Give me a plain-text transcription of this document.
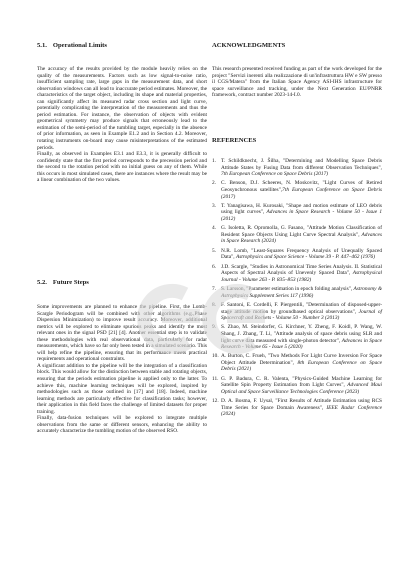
5.1. Operational Limits

The accuracy of the results provided by the module heavily relies on the quality of the measurements. Factors such as low signal-to-noise ratio, insufficient sampling rate, large gaps in the measurement data, and short observation windows can all lead to inaccurate period estimates. Moreover, the characteristics of the target object, including its shape and material properties, can significantly affect its measured radar cross section and light curve, potentially complicating the interpretation of the measurements and thus the period estimation. For instance, the observation of objects with evident geometrical symmetry may produce signals that erroneously lead to the estimation of the semi-period of the tumbling target, especially in the absence of prior information, as seen in Example E1.2 and in Section 4.2. Moreover, rotating instruments on-board may cause misinterpretations of the estimated periods.

Finally, as observed in Examples E3.1 and E3.3, it is generally difficult to confidently state that the first period corresponds to the precession period and the second to the rotation period with no initial guess on any of them. While this occurs in most simulated cases, there are instances where the result may be a linear combination of the two values.

5.2. Future Steps

Some improvements are planned to enhance the pipeline. First, the Lomb-Scargle Periodogram will be combined with other algorithms (e.g.,Phase Dispersion Minimization) to improve result accuracy. Moreover, additional metrics will be explored to eliminate spurious peaks and identify the most relevant ones in the signal PSD [21] [4]. Another essential step is to validate these methodologies with real observational data, particularly for radar measurements, which have so far only been tested in a simulated scenario. This will help refine the pipeline, ensuring that its performance meets practical requirements and operational constraints.

A significant addition to the pipeline will be the integration of a classification block. This would allow for the distinction between stable and rotating objects, ensuring that the periods estimation pipeline is applied only to the latter. To achieve this, machine learning techniques will be explored, inspired by methodologies such as those outlined in [17] and [18]. Indeed, machine learning methods are particularly effective for classification tasks; however, their application in this field faces the challenge of limited datasets for proper training.

Finally, data-fusion techniques will be explored to integrate multiple observations from the same or different sensors, enhancing the ability to accurately characterize the tumbling motion of the observed RSO.

ACKNOWLEDGMENTS

This research presented received funding as part of the work developed for the project "Servizi inerenti alla realizzazione di un'infrastruttura HW e SW presso il CGS/Matera" from the Italian Space Agency ASI-IHS infrastructure for space surveillance and tracking, under the Next Generation EU/PNRR framework, contract number 2023-14-I.0.

REFERENCES
1. T. Schildknecht, J. Šilha, "Determining and Modelling Space Debris Attitude States by Fusing Data from different Observation Techniques", 7th European Conference on Space Debris (2017)
2. C. Benson, D.J. Scheeres, N. Moskovitz, "Light Curves of Retired Geosynchronous satellites",7th European Conference on Space Debris (2017)
3. T. Yanagisawa, H. Kurosaki, "Shape and motion estimate of LEO debris using light curves", Advances in Space Research - Volume 50 - Issue 1 (2012)
4. G. Isoletta, R. Opromolla, G. Fasano, "Attitude Motion Classification of Resident Space Objects Using Light Curve Spectral Analysis", Advances in Space Research (2024)
5. N.R. Lomb, "Least-Squares Frequency Analysis of Unequally Spaced Data", Astrophysics and Space Science - Volume 39 - P. 447–462 (1976)
6. J.D. Scargle, "Studies in Astronomical Time Series Analysis. II. Statistical Aspects of Spectral Analysis of Unevenly Spaced Data", Astrophysical Journal - Volume 263 - P. 835–853 (1982)
7. S. Larsson, "Parameter estimation in epoch folding analysis", Astronomy & Astrophysics Supplement Series 117 (1996)
8. F. Santoni, E. Cordelli, F. Piergentili, "Determination of disposed-upper-stage attitude motion by groundbased optical observations", Journal of Spacecraft and Rockets - Volume 50 - Number 3 (2013)
9. S. Zhao, M. Steindorfer, G. Kirchner, Y. Zheng, F. Koidl, P. Wang, W. Shang, J. Zhang, T. Li, "Attitude analysis of space debris using SLR and light curve data measured with single-photon detector", Advances in Space Research - Volume 65 - Issue 5 (2020)
10. A. Burton, C. Frueh, "Two Methods For Light Curve Inversion For Space Object Attitude Determination", 8th European Conference on Space Debris (2021)
11. G. P. Badura, C. R. Valenta, "Physics-Guided Machine Learning for Satellite Spin Property Estimation from Light Curves", Advanced Maui Optical and Space Surveillance Technologies Conference (2023)
12. D. A. Bosma, F. Uysal, "First Results of Attitude Estimation using RCS Time Series for Space Domain Awareness", IEEE Radar Conference (2024)
